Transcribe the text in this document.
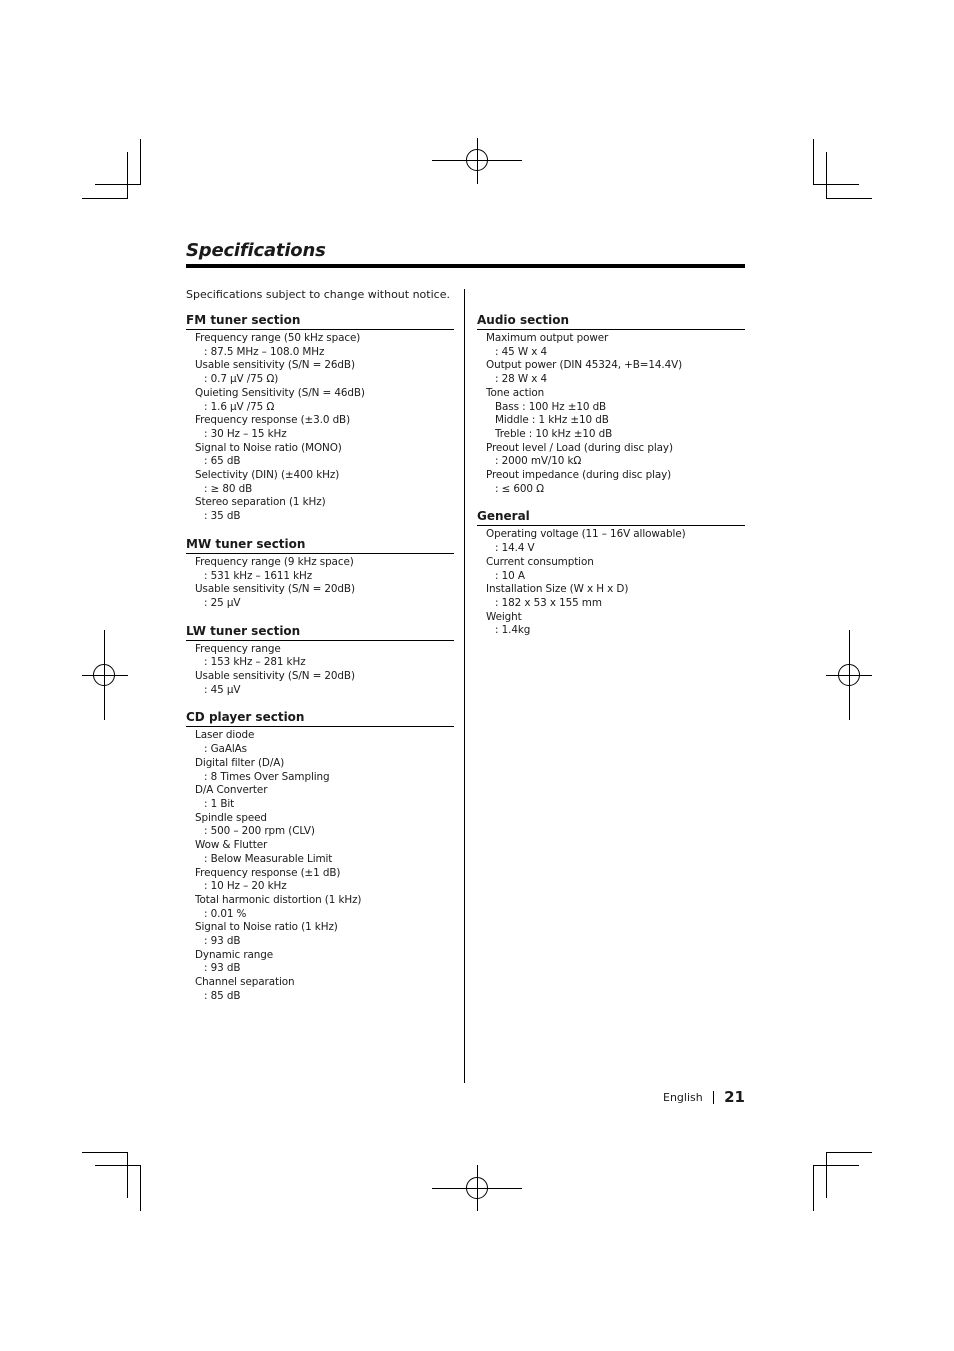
Specifications
Specifications subject to change without notice.
FM tuner section
Frequency range (50 kHz space)
: 87.5 MHz – 108.0 MHz
Usable sensitivity (S/N = 26dB)
: 0.7 μV /75 Ω)
Quieting Sensitivity (S/N = 46dB)
: 1.6 μV /75 Ω
Frequency response (±3.0 dB)
: 30 Hz – 15 kHz
Signal to Noise ratio (MONO)
: 65 dB
Selectivity (DIN) (±400 kHz)
: ≥ 80 dB
Stereo separation (1 kHz)
: 35 dB
MW tuner section
Frequency range (9 kHz space)
: 531 kHz – 1611 kHz
Usable sensitivity (S/N = 20dB)
: 25 μV
LW tuner section
Frequency range
: 153 kHz – 281 kHz
Usable sensitivity (S/N = 20dB)
: 45 μV
CD player section
Laser diode
: GaAlAs
Digital filter (D/A)
: 8 Times Over Sampling
D/A Converter
: 1 Bit
Spindle speed
: 500 – 200 rpm (CLV)
Wow & Flutter
: Below Measurable Limit
Frequency response (±1 dB)
: 10 Hz – 20 kHz
Total harmonic distortion (1 kHz)
: 0.01 %
Signal to Noise ratio (1 kHz)
: 93 dB
Dynamic range
: 93 dB
Channel separation
: 85 dB
Audio section
Maximum output power
: 45 W x 4
Output power (DIN 45324, +B=14.4V)
: 28 W x 4
Tone action
Bass : 100 Hz ±10 dB
Middle : 1 kHz ±10 dB
Treble : 10 kHz ±10 dB
Preout level / Load (during disc play)
: 2000 mV/10 kΩ
Preout impedance (during disc play)
: ≤ 600 Ω
General
Operating voltage (11 – 16V allowable)
: 14.4 V
Current consumption
: 10 A
Installation Size (W x H x D)
: 182 x 53 x 155 mm
Weight
: 1.4kg
English 21
